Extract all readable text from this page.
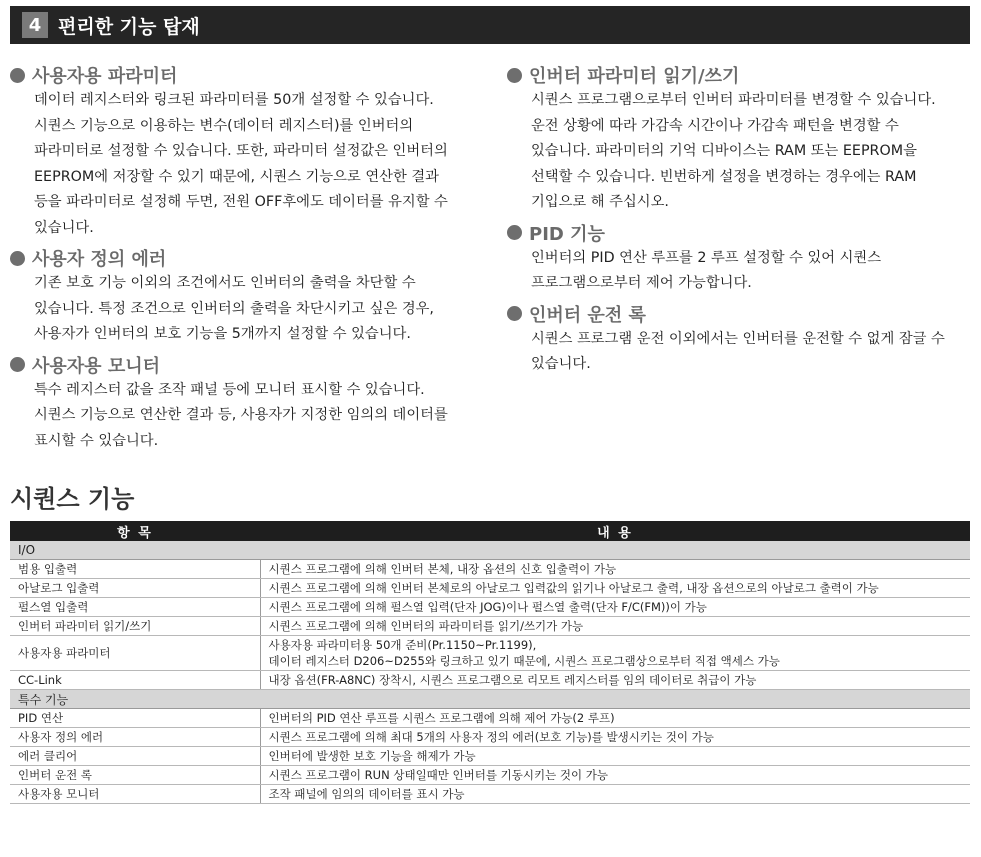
4 편리한 기능 탑재
사용자용 파라미터

데이터 레지스터와 링크된 파라미터를 50개 설정할 수 있습니다.

시퀀스 기능으로 이용하는 변수(데이터 레지스터)를 인버터의

파라미터로 설정할 수 있습니다. 또한, 파라미터 설정값은 인버터의

EEPROM에 저장할 수 있기 때문에, 시퀀스 기능으로 연산한 결과

등을 파라미터로 설정해 두면, 전원 OFF후에도 데이터를 유지할 수

있습니다.

사용자 정의 에러

기존 보호 기능 이외의 조건에서도 인버터의 출력을 차단할 수

있습니다. 특정 조건으로 인버터의 출력을 차단시키고 싶은 경우,

사용자가 인버터의 보호 기능을 5개까지 설정할 수 있습니다.

사용자용 모니터

특수 레지스터 값을 조작 패널 등에 모니터 표시할 수 있습니다.

시퀀스 기능으로 연산한 결과 등, 사용자가 지정한 임의의 데이터를

표시할 수 있습니다.

인버터 파라미터 읽기/쓰기

시퀀스 프로그램으로부터 인버터 파라미터를 변경할 수 있습니다.

운전 상황에 따라 가감속 시간이나 가감속 패턴을 변경할 수

있습니다. 파라미터의 기억 디바이스는 RAM 또는 EEPROM을

선택할 수 있습니다. 빈번하게 설정을 변경하는 경우에는 RAM

기입으로 해 주십시오.

PID 기능

인버터의 PID 연산 루프를 2 루프 설정할 수 있어 시퀀스

프로그램으로부터 제어 가능합니다.

인버터 운전 록

시퀀스 프로그램 운전 이외에서는 인버터를 운전할 수 없게 잠글 수

있습니다.

시퀀스 기능
항 목	내 용
I/O	
범용 입출력	시퀀스 프로그램에 의해 인버터 본체, 내장 옵션의 신호 입출력이 가능

아날로그 입출력	시퀀스 프로그램에 의해 인버터 본체로의 아날로그 입력값의 읽기나 아날로그 출력, 내장 옵션으로의 아날로그 출력이 가능

펄스열 입출력	시퀀스 프로그램에 의해 펄스열 입력(단자 JOG)이나 펄스열 출력(단자 F/C(FM))이 가능

인버터 파라미터 읽기/쓰기	시퀀스 프로그램에 의해 인버터의 파라미터를 읽기/쓰기가 가능

사용자용 파라미터	사용자용 파라미터용 50개 준비(Pr.1150~Pr.1199),
데이터 레지스터 D206~D255와 링크하고 있기 때문에, 시퀀스 프로그램상으로부터 직접 액세스 가능

CC-Link	내장 옵션(FR-A8NC) 장착시, 시퀀스 프로그램으로 리모트 레지스터를 임의 데이터로 취급이 가능

특수 기능	
PID 연산	인버터의 PID 연산 루프를 시퀀스 프로그램에 의해 제어 가능(2 루프)

사용자 정의 에러	시퀀스 프로그램에 의해 최대 5개의 사용자 정의 에러(보호 기능)를 발생시키는 것이 가능

에러 클리어	인버터에 발생한 보호 기능을 해제가 가능

인버터 운전 록	시퀀스 프로그램이 RUN 상태일때만 인버터를 기동시키는 것이 가능

사용자용 모니터	조작 패널에 임의의 데이터를 표시 가능
